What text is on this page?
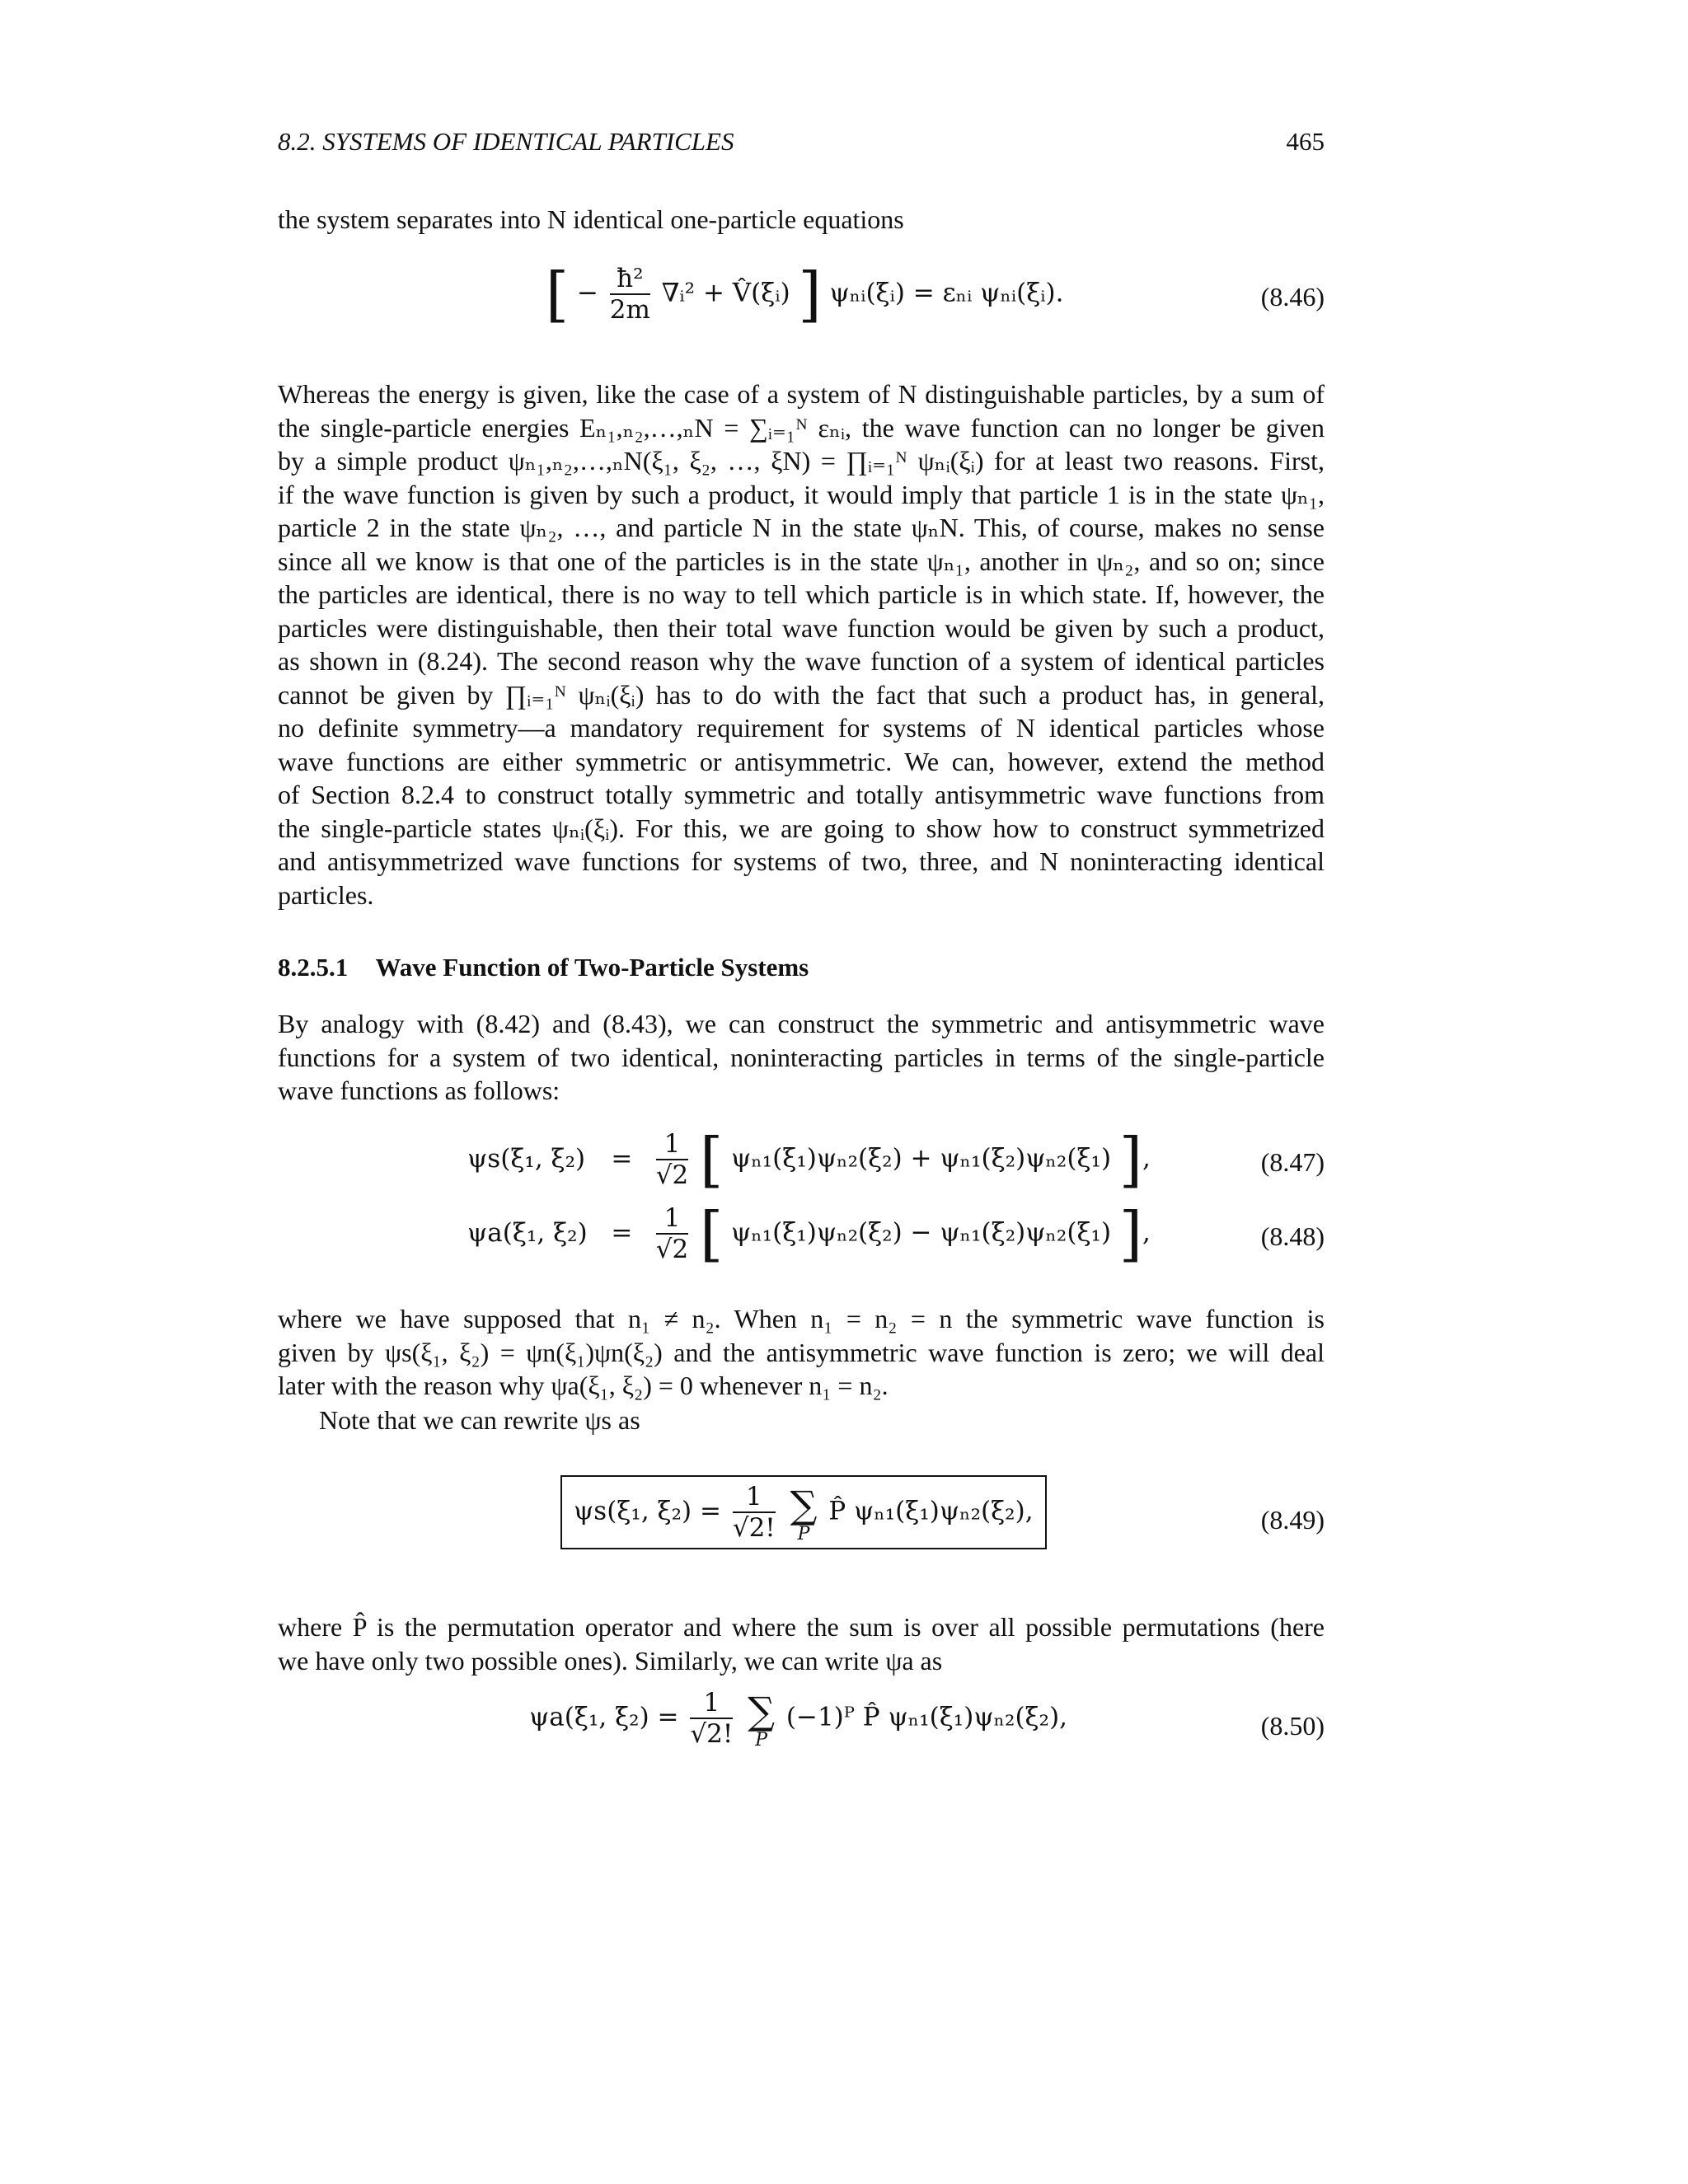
8.2. SYSTEMS OF IDENTICAL PARTICLES	465
the system separates into N identical one-particle equations
[ − $\frac{\text{ħ²}}{2m}$ ∇ᵢ² + V̂(ξᵢ) ] ψₙᵢ(ξᵢ) = εₙᵢ ψₙᵢ(ξᵢ).	(8.46)
Whereas the energy is given, like the case of a system of N distinguishable particles, by a sum of
the single-particle energies Eₙ₁,ₙ₂,…,ₙN = ∑ᵢ₌₁ᴺ εₙᵢ, the wave function can no longer be given
by a simple product ψₙ₁,ₙ₂,…,ₙN(ξ₁, ξ₂, …, ξN) = ∏ᵢ₌₁ᴺ ψₙᵢ(ξᵢ) for at least two reasons. First,
if the wave function is given by such a product, it would imply that particle 1 is in the state ψₙ₁,
particle 2 in the state ψₙ₂, …, and particle N in the state ψₙN. This, of course, makes no sense
since all we know is that one of the particles is in the state ψₙ₁, another in ψₙ₂, and so on; since
the particles are identical, there is no way to tell which particle is in which state. If, however, the
particles were distinguishable, then their total wave function would be given by such a product,
as shown in (8.24). The second reason why the wave function of a system of identical particles
cannot be given by ∏ᵢ₌₁ᴺ ψₙᵢ(ξᵢ) has to do with the fact that such a product has, in general,
no definite symmetry—a mandatory requirement for systems of N identical particles whose
wave functions are either symmetric or antisymmetric. We can, however, extend the method
of Section 8.2.4 to construct totally symmetric and totally antisymmetric wave functions from
the single-particle states ψₙᵢ(ξᵢ). For this, we are going to show how to construct symmetrized
and antisymmetrized wave functions for systems of two, three, and N noninteracting identical
particles.
8.2.5.1 Wave Function of Two-Particle Systems
By analogy with (8.42) and (8.43), we can construct the symmetric and antisymmetric wave
functions for a system of two identical, noninteracting particles in terms of the single-particle
wave functions as follows:
ψs(ξ₁, $\xi_2) = \frac{1}{√2}$ [ ψₙ₁(ξ₁)ψₙ₂(ξ₂) + ψₙ₁(ξ₂)ψₙ₂(ξ₁) ],	(8.47)
ψa(ξ₁, $\xi_2) = \frac{1}{√2}$ [ ψₙ₁(ξ₁)ψₙ₂(ξ₂) − ψₙ₁(ξ₂)ψₙ₂(ξ₁) ],	(8.48)
where we have supposed that n₁ ≠ n₂. When n₁ = n₂ = n the symmetric wave function is
given by ψs(ξ₁, ξ₂) = ψn(ξ₁)ψn(ξ₂) and the antisymmetric wave function is zero; we will deal
later with the reason why ψa(ξ₁, ξ₂) = 0 whenever n₁ = n₂.
Note that we can rewrite ψs as
ψs(ξ₁, $\xi_2) = \frac{1}{√2!}$ ∑
P
P̂ ψₙ₁(ξ₁)ψₙ₂(ξ₂),	(8.49)
where P̂ is the permutation operator and where the sum is over all possible permutations (here
we have only two possible ones). Similarly, we can write ψa as
ψa(ξ₁, $\xi_2) = \frac{1}{√2!}$ ∑
P
(−1)ᴾ P̂ ψₙ₁(ξ₁)ψₙ₂(ξ₂),	(8.50)
